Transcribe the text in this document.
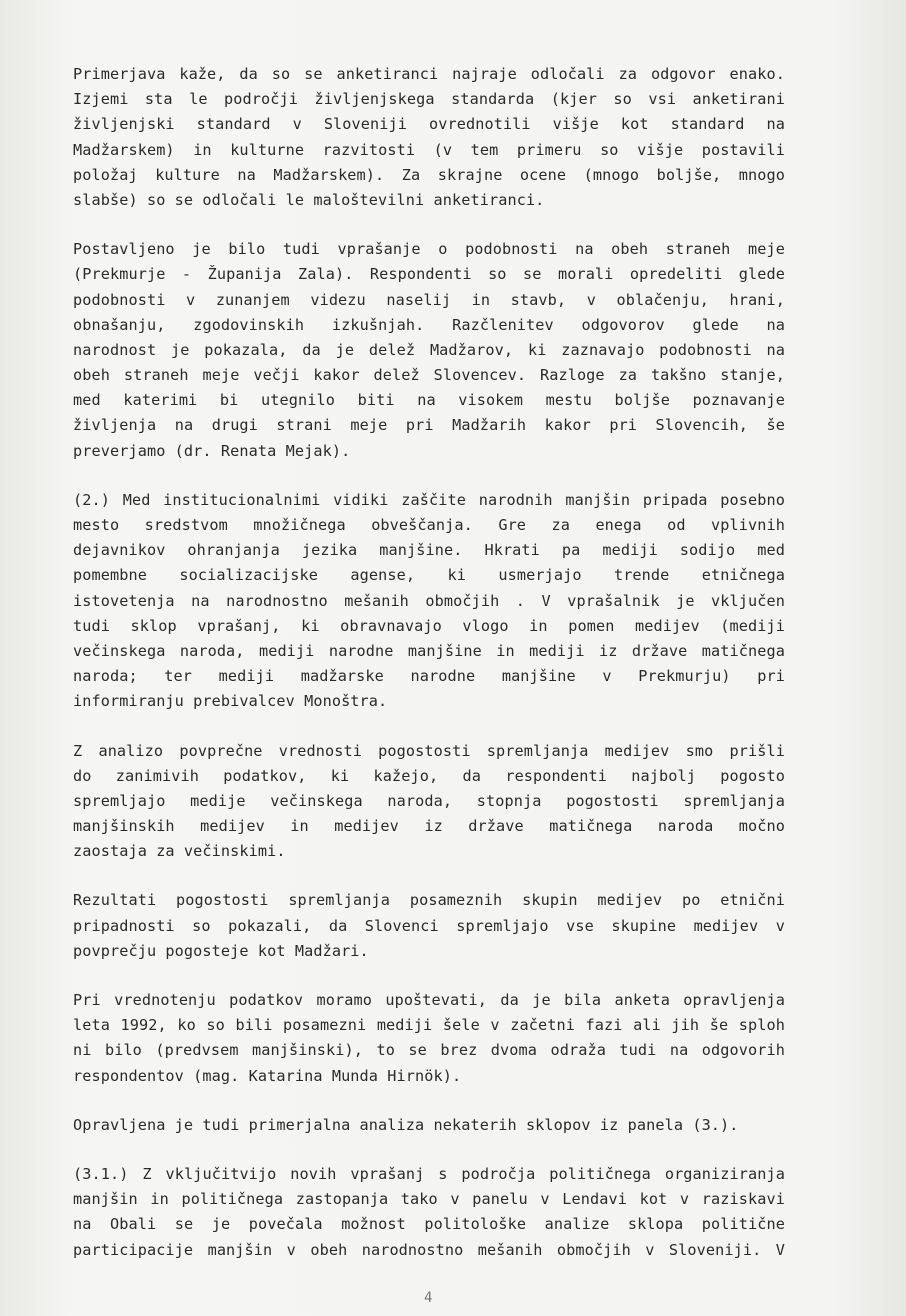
Primerjava kaže, da so se anketiranci najraje odločali za odgovor enako.
Izjemi sta le področji življenjskega standarda (kjer so vsi anketirani
življenjski standard v Sloveniji ovrednotili višje kot standard na
Madžarskem) in kulturne razvitosti (v tem primeru so višje postavili
položaj kulture na Madžarskem). Za skrajne ocene (mnogo boljše, mnogo
slabše) so se odločali le maloštevilni anketiranci.
Postavljeno je bilo tudi vprašanje o podobnosti na obeh straneh meje
(Prekmurje - Županija Zala). Respondenti so se morali opredeliti glede
podobnosti v zunanjem videzu naselij in stavb, v oblačenju, hrani,
obnašanju, zgodovinskih izkušnjah. Razčlenitev odgovorov glede na
narodnost je pokazala, da je delež Madžarov, ki zaznavajo podobnosti na
obeh straneh meje večji kakor delež Slovencev. Razloge za takšno stanje,
med katerimi bi utegnilo biti na visokem mestu boljše poznavanje
življenja na drugi strani meje pri Madžarih kakor pri Slovencih, še
preverjamo (dr. Renata Mejak).
(2.) Med institucionalnimi vidiki zaščite narodnih manjšin pripada posebno
mesto sredstvom množičnega obveščanja. Gre za enega od vplivnih
dejavnikov ohranjanja jezika manjšine. Hkrati pa mediji sodijo med
pomembne socializacijske agense, ki usmerjajo trende etničnega
istovetenja na narodnostno mešanih območjih . V vprašalnik je vključen
tudi sklop vprašanj, ki obravnavajo vlogo in pomen medijev (mediji
večinskega naroda, mediji narodne manjšine in mediji iz države matičnega
naroda; ter mediji madžarske narodne manjšine v Prekmurju) pri
informiranju prebivalcev Monoštra.
Z analizo povprečne vrednosti pogostosti spremljanja medijev smo prišli
do zanimivih podatkov, ki kažejo, da respondenti najbolj pogosto
spremljajo medije večinskega naroda, stopnja pogostosti spremljanja
manjšinskih medijev in medijev iz države matičnega naroda močno
zaostaja za večinskimi.
Rezultati pogostosti spremljanja posameznih skupin medijev po etnični
pripadnosti so pokazali, da Slovenci spremljajo vse skupine medijev v
povprečju pogosteje kot Madžari.
Pri vrednotenju podatkov moramo upoštevati, da je bila anketa opravljenja
leta 1992, ko so bili posamezni mediji šele v začetni fazi ali jih še sploh
ni bilo (predvsem manjšinski), to se brez dvoma odraža tudi na odgovorih
respondentov (mag. Katarina Munda Hirnök).
Opravljena je tudi primerjalna analiza nekaterih sklopov iz panela (3.).
(3.1.) Z vključitvijo novih vprašanj s področja političnega organiziranja
manjšin in političnega zastopanja tako v panelu v Lendavi kot v raziskavi
na Obali se je povečala možnost politološke analize sklopa politične
participacije manjšin v obeh narodnostno mešanih območjih v Sloveniji. V
4
